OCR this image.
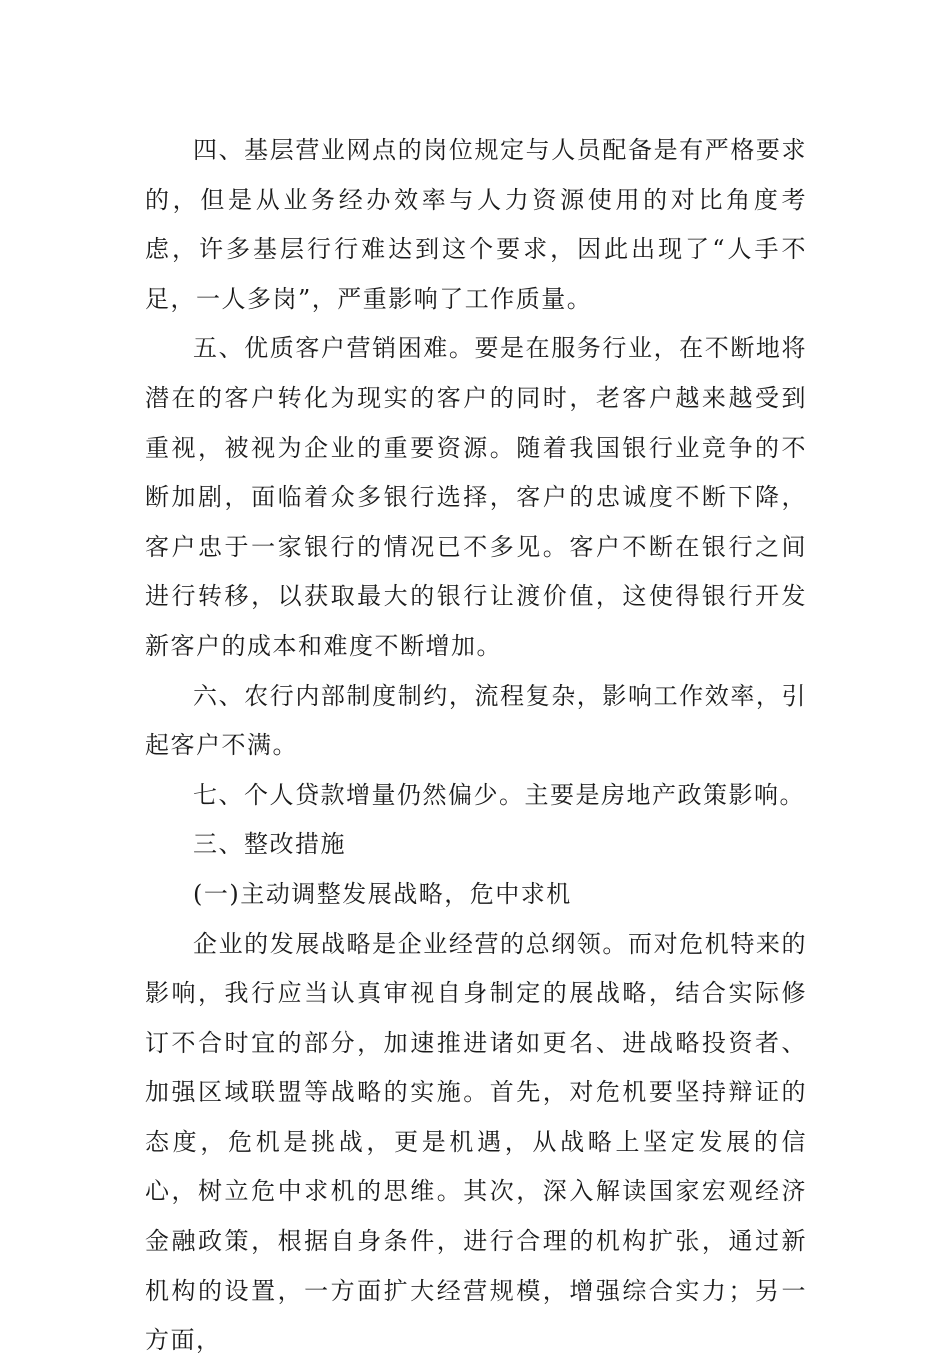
四、基层营业网点的岗位规定与人员配备是有严格要求的，但是从业务经办效率与人力资源使用的对比角度考虑，许多基层行行难达到这个要求，因此出现了“人手不足，一人多岗”，严重影响了工作质量。

五、优质客户营销困难。要是在服务行业，在不断地将潜在的客户转化为现实的客户的同时，老客户越来越受到重视，被视为企业的重要资源。随着我国银行业竞争的不断加剧，面临着众多银行选择，客户的忠诚度不断下降，客户忠于一家银行的情况已不多见。客户不断在银行之间进行转移，以获取最大的银行让渡价值，这使得银行开发新客户的成本和难度不断增加。

六、农行内部制度制约，流程复杂，影响工作效率，引起客户不满。

七、个人贷款增量仍然偏少。主要是房地产政策影响。

三、整改措施

(一)主动调整发展战略，危中求机

企业的发展战略是企业经营的总纲领。而对危机特来的影响，我行应当认真审视自身制定的展战略，结合实际修订不合时宜的部分，加速推进诸如更名、进战略投资者、加强区域联盟等战略的实施。首先，对危机要坚持辩证的态度，危机是挑战，更是机遇，从战略上坚定发展的信心，树立危中求机的思维。其次，深入解读国家宏观经济金融政策，根据自身条件，进行合理的机构扩张，通过新机构的设置，一方面扩大经营规模，增强综合实力；另一方面，
